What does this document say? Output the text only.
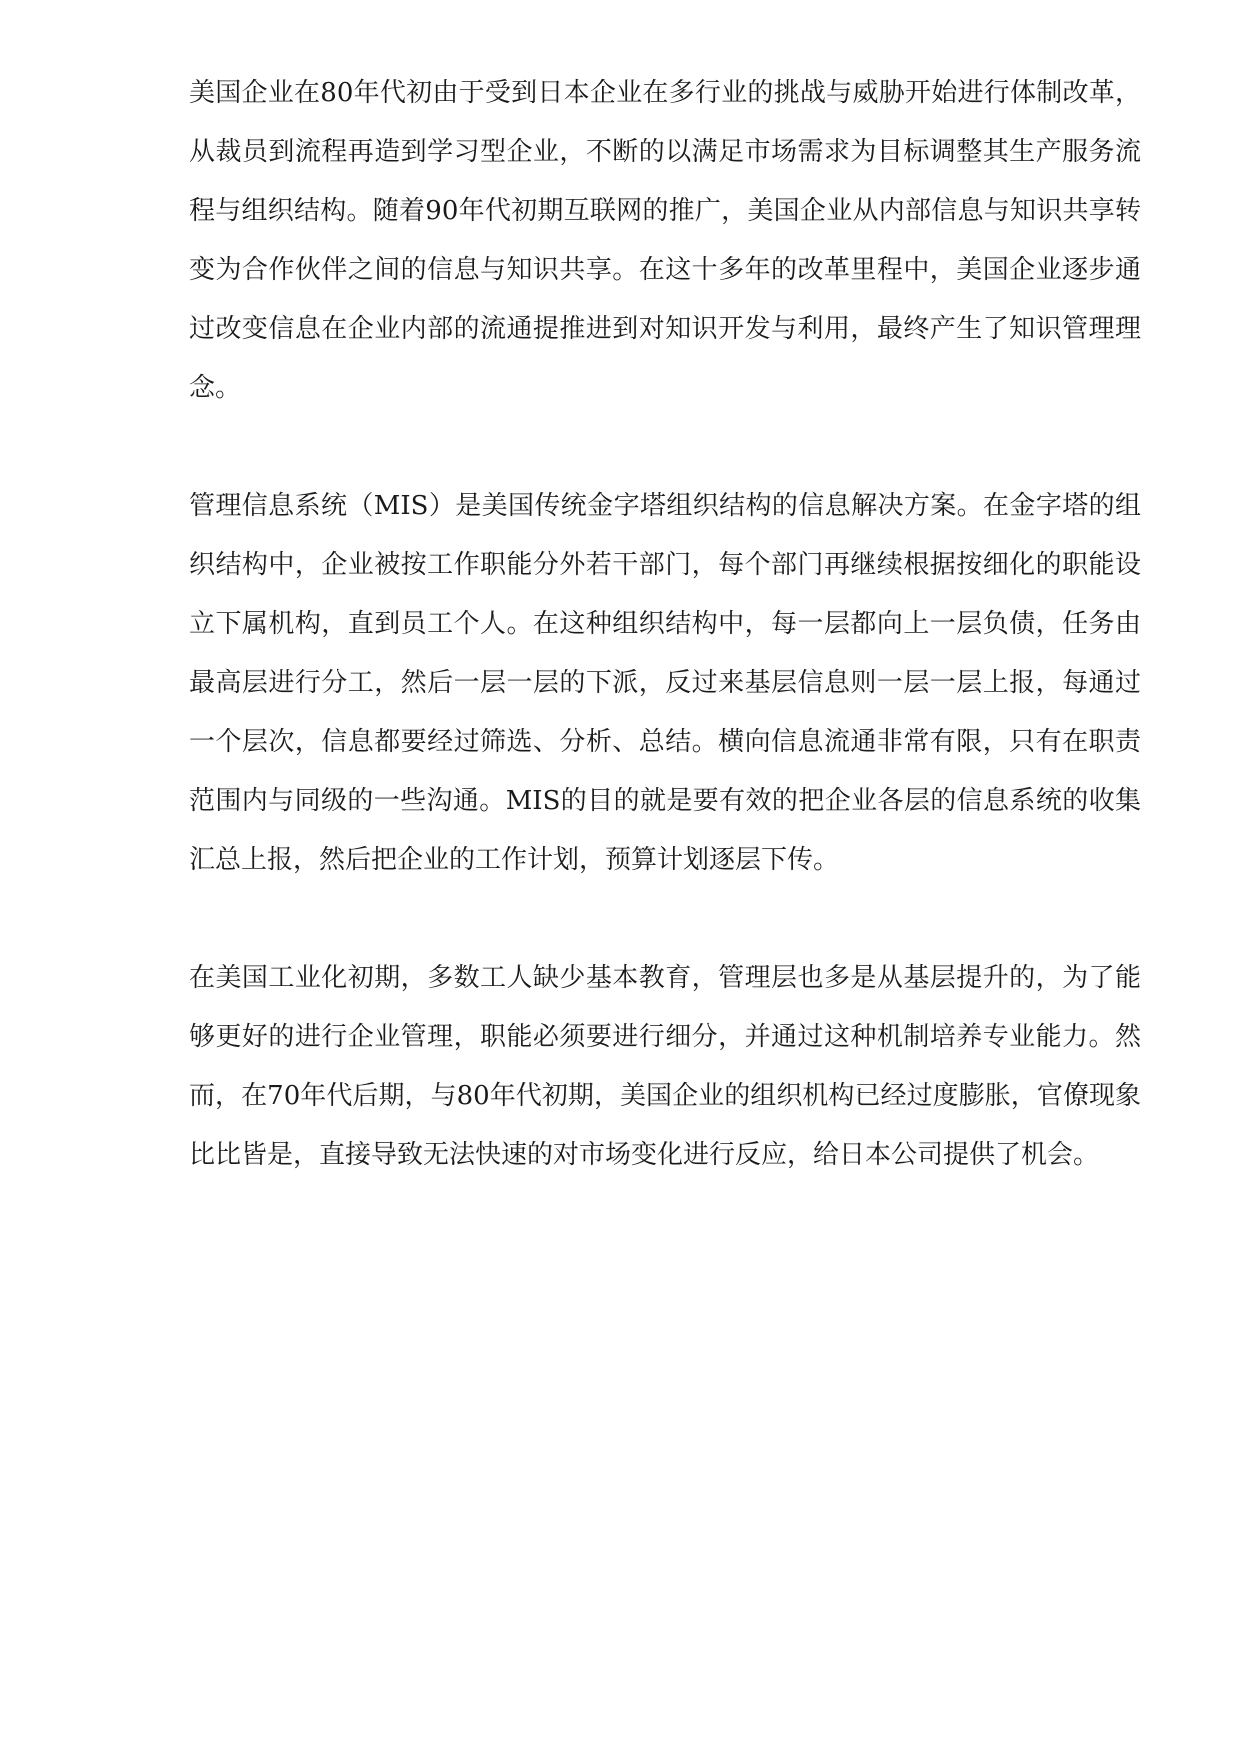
美国企业在80年代初由于受到日本企业在多行业的挑战与威胁开始进行体制改革，从裁员到流程再造到学习型企业，不断的以满足市场需求为目标调整其生产服务流程与组织结构。随着90年代初期互联网的推广，美国企业从内部信息与知识共享转变为合作伙伴之间的信息与知识共享。在这十多年的改革里程中，美国企业逐步通过改变信息在企业内部的流通提推进到对知识开发与利用，最终产生了知识管理理念。

管理信息系统（MIS）是美国传统金字塔组织结构的信息解决方案。在金字塔的组织结构中，企业被按工作职能分外若干部门，每个部门再继续根据按细化的职能设立下属机构，直到员工个人。在这种组织结构中，每一层都向上一层负债，任务由最高层进行分工，然后一层一层的下派，反过来基层信息则一层一层上报，每通过一个层次，信息都要经过筛选、分析、总结。横向信息流通非常有限，只有在职责范围内与同级的一些沟通。MIS的目的就是要有效的把企业各层的信息系统的收集汇总上报，然后把企业的工作计划，预算计划逐层下传。

在美国工业化初期，多数工人缺少基本教育，管理层也多是从基层提升的，为了能够更好的进行企业管理，职能必须要进行细分，并通过这种机制培养专业能力。然而，在70年代后期，与80年代初期，美国企业的组织机构已经过度膨胀，官僚现象比比皆是，直接导致无法快速的对市场变化进行反应，给日本公司提供了机会。
